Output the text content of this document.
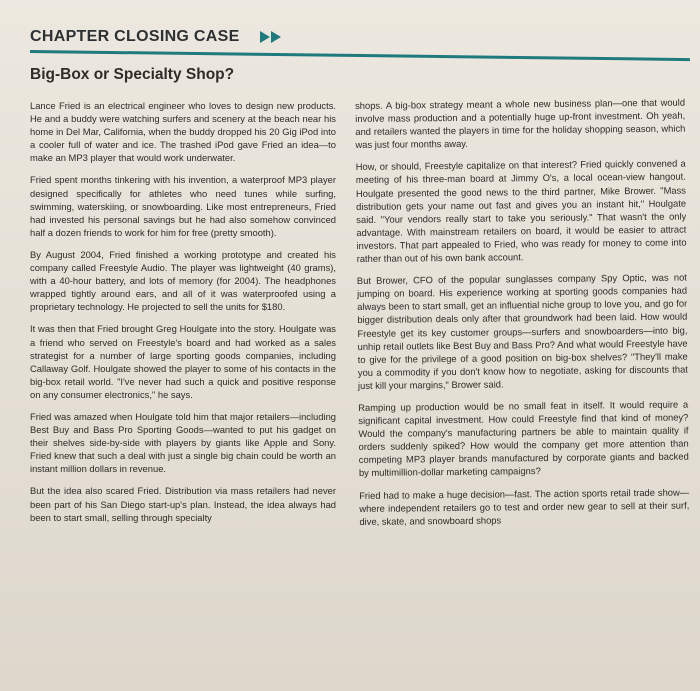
CHAPTER CLOSING CASE
Big-Box or Specialty Shop?

Lance Fried is an electrical engineer who loves to design new products. He and a buddy were watching surfers and scenery at the beach near his home in Del Mar, California, when the buddy dropped his 20 Gig iPod into a cooler full of water and ice. The trashed iPod gave Fried an idea—to make an MP3 player that would work underwater.

Fried spent months tinkering with his invention, a waterproof MP3 player designed specifically for athletes who need tunes while surfing, swimming, waterskiing, or snowboarding. Like most entrepreneurs, Fried had invested his personal savings but he had also somehow convinced half a dozen friends to work for him for free (pretty smooth).

By August 2004, Fried finished a working prototype and created his company called Freestyle Audio. The player was lightweight (40 grams), with a 40-hour battery, and lots of memory (for 2004). The headphones wrapped tightly around ears, and all of it was waterproofed using a proprietary technology. He projected to sell the units for $180.

It was then that Fried brought Greg Houlgate into the story. Houlgate was a friend who served on Freestyle's board and had worked as a sales strategist for a number of large sporting goods companies, including Callaway Golf. Houlgate showed the player to some of his contacts in the big-box retail world. "I've never had such a quick and positive response on any consumer electronics," he says.

Fried was amazed when Houlgate told him that major retailers—including Best Buy and Bass Pro Sporting Goods—wanted to put his gadget on their shelves side-by-side with players by giants like Apple and Sony. Fried knew that such a deal with just a single big chain could be worth an instant million dollars in revenue.

But the idea also scared Fried. Distribution via mass retailers had never been part of his San Diego start-up's plan. Instead, the idea always had been to start small, selling through specialty

shops. A big-box strategy meant a whole new business plan—one that would involve mass production and a potentially huge up-front investment. Oh yeah, and retailers wanted the players in time for the holiday shopping season, which was just four months away.

How, or should, Freestyle capitalize on that interest? Fried quickly convened a meeting of his three-man board at Jimmy O's, a local ocean-view hangout. Houlgate presented the good news to the third partner, Mike Brower. "Mass distribution gets your name out fast and gives you an instant hit," Houlgate said. "Your vendors really start to take you seriously." That wasn't the only advantage. With mainstream retailers on board, it would be easier to attract investors. That part appealed to Fried, who was ready for money to come into rather than out of his own bank account.

But Brower, CFO of the popular sunglasses company Spy Optic, was not jumping on board. His experience working at sporting goods companies had always been to start small, get an influential niche group to love you, and go for bigger distribution deals only after that groundwork had been laid. How would Freestyle get its key customer groups—surfers and snowboarders—into big, unhip retail outlets like Best Buy and Bass Pro? And what would Freestyle have to give for the privilege of a good position on big-box shelves? "They'll make you a commodity if you don't know how to negotiate, asking for discounts that just kill your margins," Brower said.

Ramping up production would be no small feat in itself. It would require a significant capital investment. How could Freestyle find that kind of money? Would the company's manufacturing partners be able to maintain quality if orders suddenly spiked? How would the company get more attention than competing MP3 player brands manufactured by corporate giants and backed by multimillion-dollar marketing campaigns?

Fried had to make a huge decision—fast. The action sports retail trade show—where independent retailers go to test and order new gear to sell at their surf, dive, skate, and snowboard shops
